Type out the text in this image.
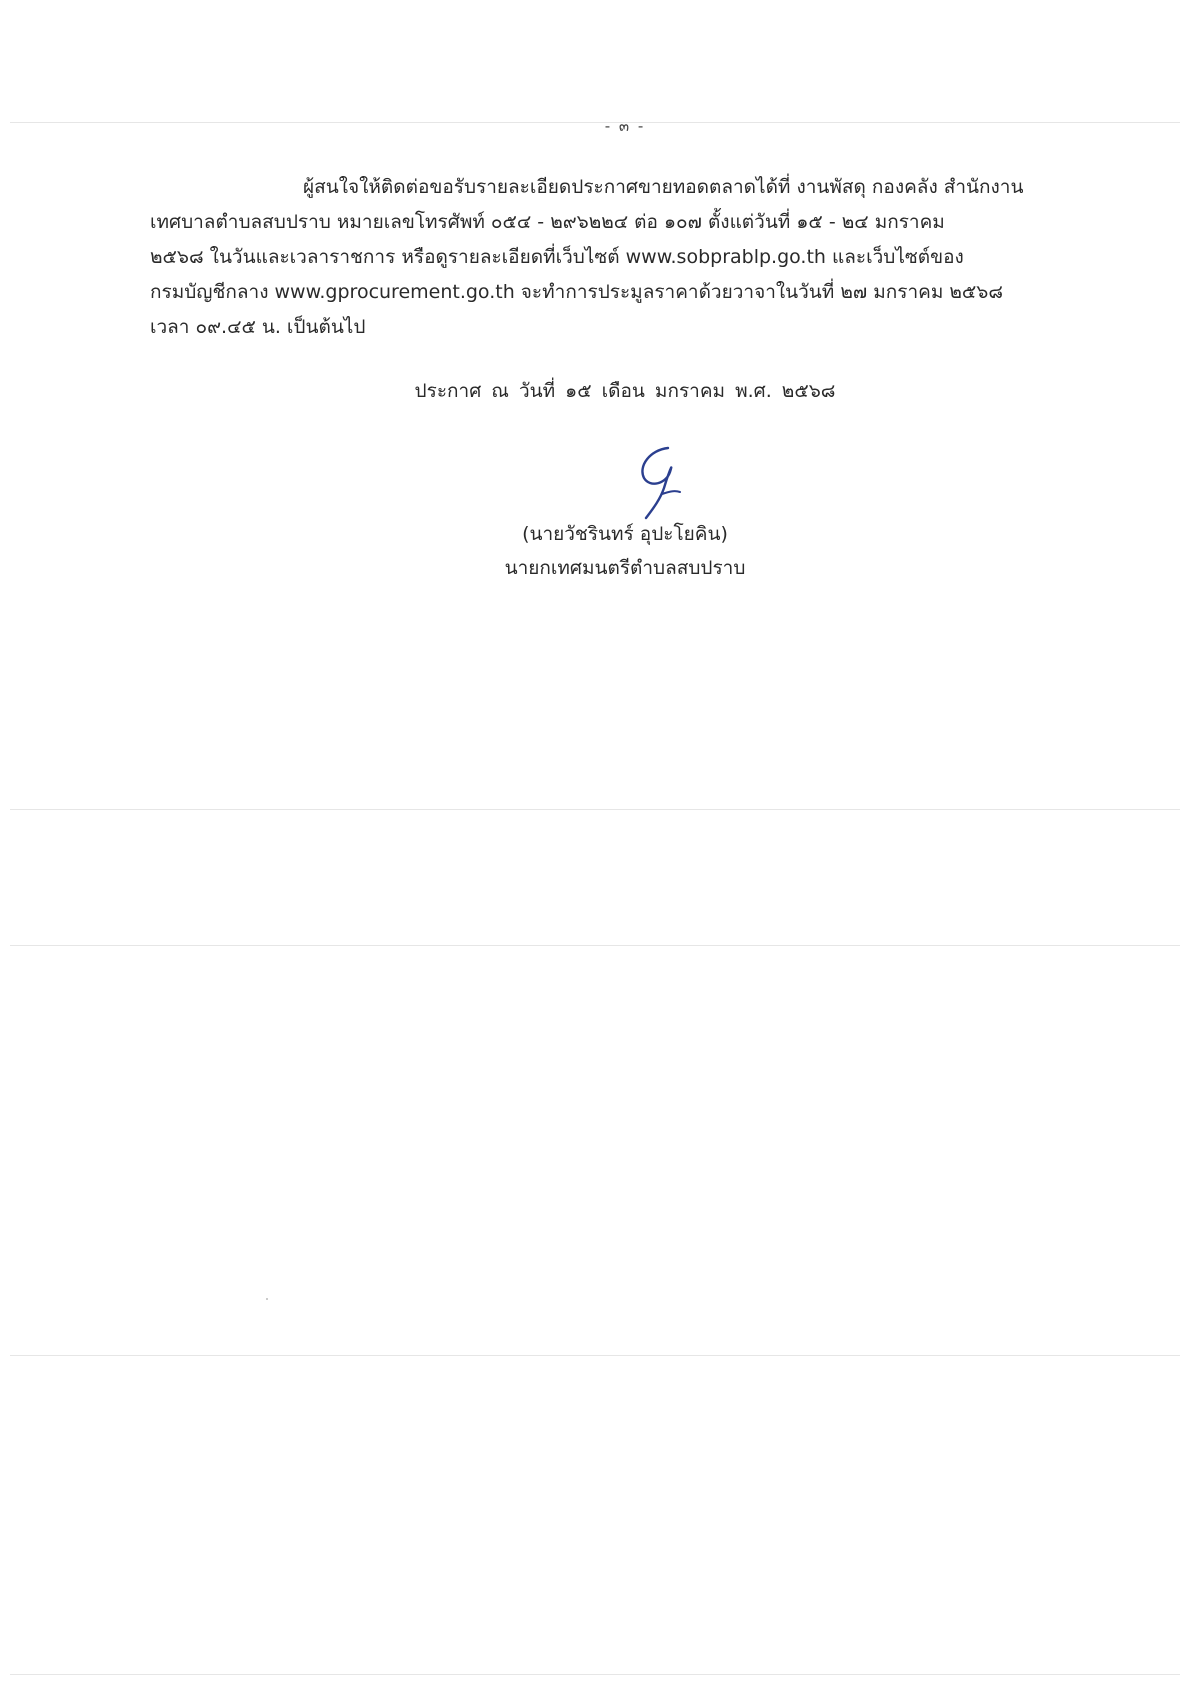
- ๓ -
ผู้สนใจให้ติดต่อขอรับรายละเอียดประกาศขายทอดตลาดได้ที่ งานพัสดุ กองคลัง สำนักงาน
เทศบาลตำบลสบปราบ หมายเลขโทรศัพท์ ๐๕๔ - ๒๙๖๒๒๔ ต่อ ๑๐๗ ตั้งแต่วันที่ ๑๕ - ๒๔ มกราคม
๒๕๖๘ ในวันและเวลาราชการ หรือดูรายละเอียดที่เว็บไซต์ www.sobprablp.go.th และเว็บไซต์ของ
กรมบัญชีกลาง www.gprocurement.go.th จะทำการประมูลราคาด้วยวาจาในวันที่ ๒๗ มกราคม ๒๕๖๘
เวลา ๐๙.๔๕ น. เป็นต้นไป
ประกาศ ณ วันที่ ๑๕ เดือน มกราคม พ.ศ. ๒๕๖๘
(นายวัชรินทร์ อุปะโยคิน)
นายกเทศมนตรีตำบลสบปราบ
